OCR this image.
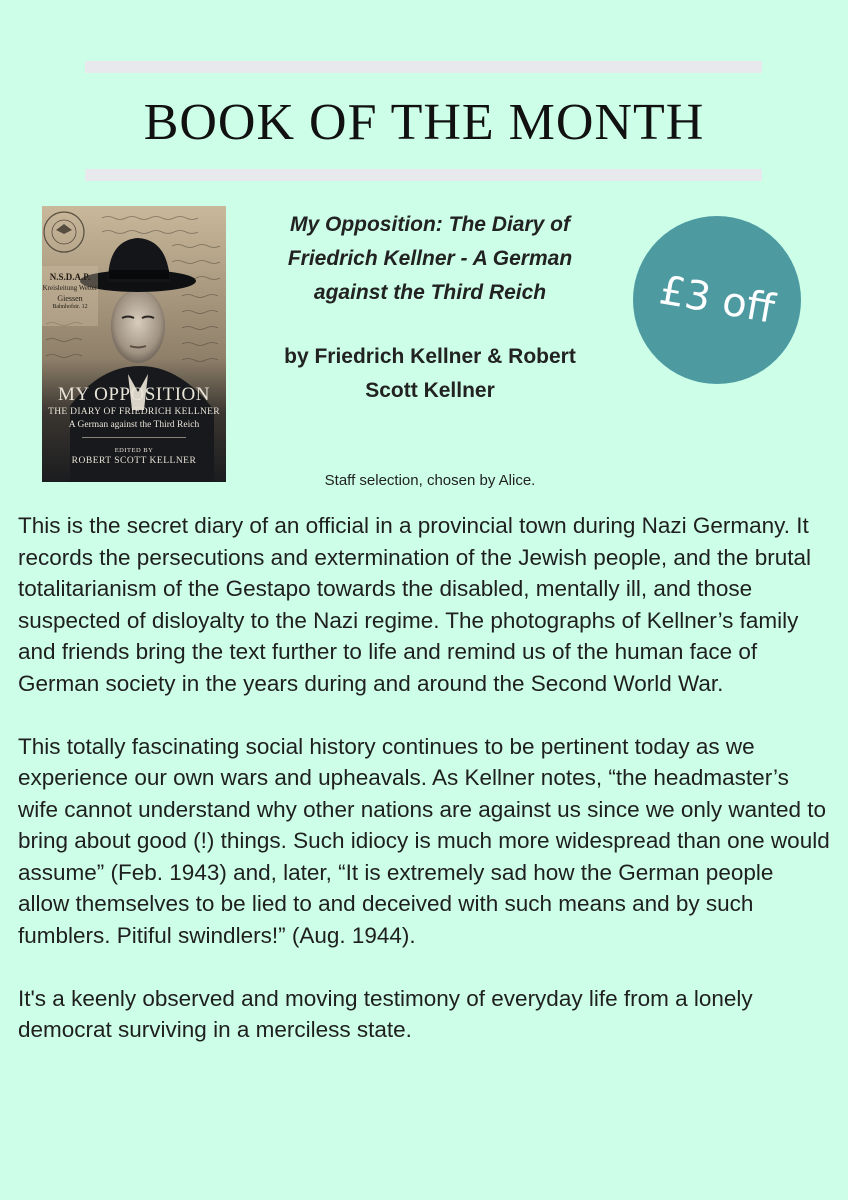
BOOK OF THE MONTH
N.S.D.A.P.
Kreisleitung Wetter
Giessen
Bahnhofstr. 12
MY OPPOSITION
THE DIARY OF FRIEDRICH KELLNER
A German against the Third Reich
EDITED BY
ROBERT SCOTT KELLNER

My Opposition: The Diary of Friedrich Kellner - A German against the Third Reich

by Friedrich Kellner & Robert Scott Kellner

Staff selection, chosen by Alice.
£3 off

This is the secret diary of an official in a provincial town during Nazi Germany. It records the persecutions and extermination of the Jewish people, and the brutal totalitarianism of the Gestapo towards the disabled, mentally ill, and those suspected of disloyalty to the Nazi regime. The photographs of Kellner’s family and friends bring the text further to life and remind us of the human face of German society in the years during and around the Second World War.

This totally fascinating social history continues to be pertinent today as we experience our own wars and upheavals. As Kellner notes, “the headmaster’s wife cannot understand why other nations are against us since we only wanted to bring about good (!) things. Such idiocy is much more widespread than one would assume” (Feb. 1943) and, later, “It is extremely sad how the German people allow themselves to be lied to and deceived with such means and by such fumblers. Pitiful swindlers!” (Aug. 1944).

It's a keenly observed and moving testimony of everyday life from a lonely democrat surviving in a merciless state.
